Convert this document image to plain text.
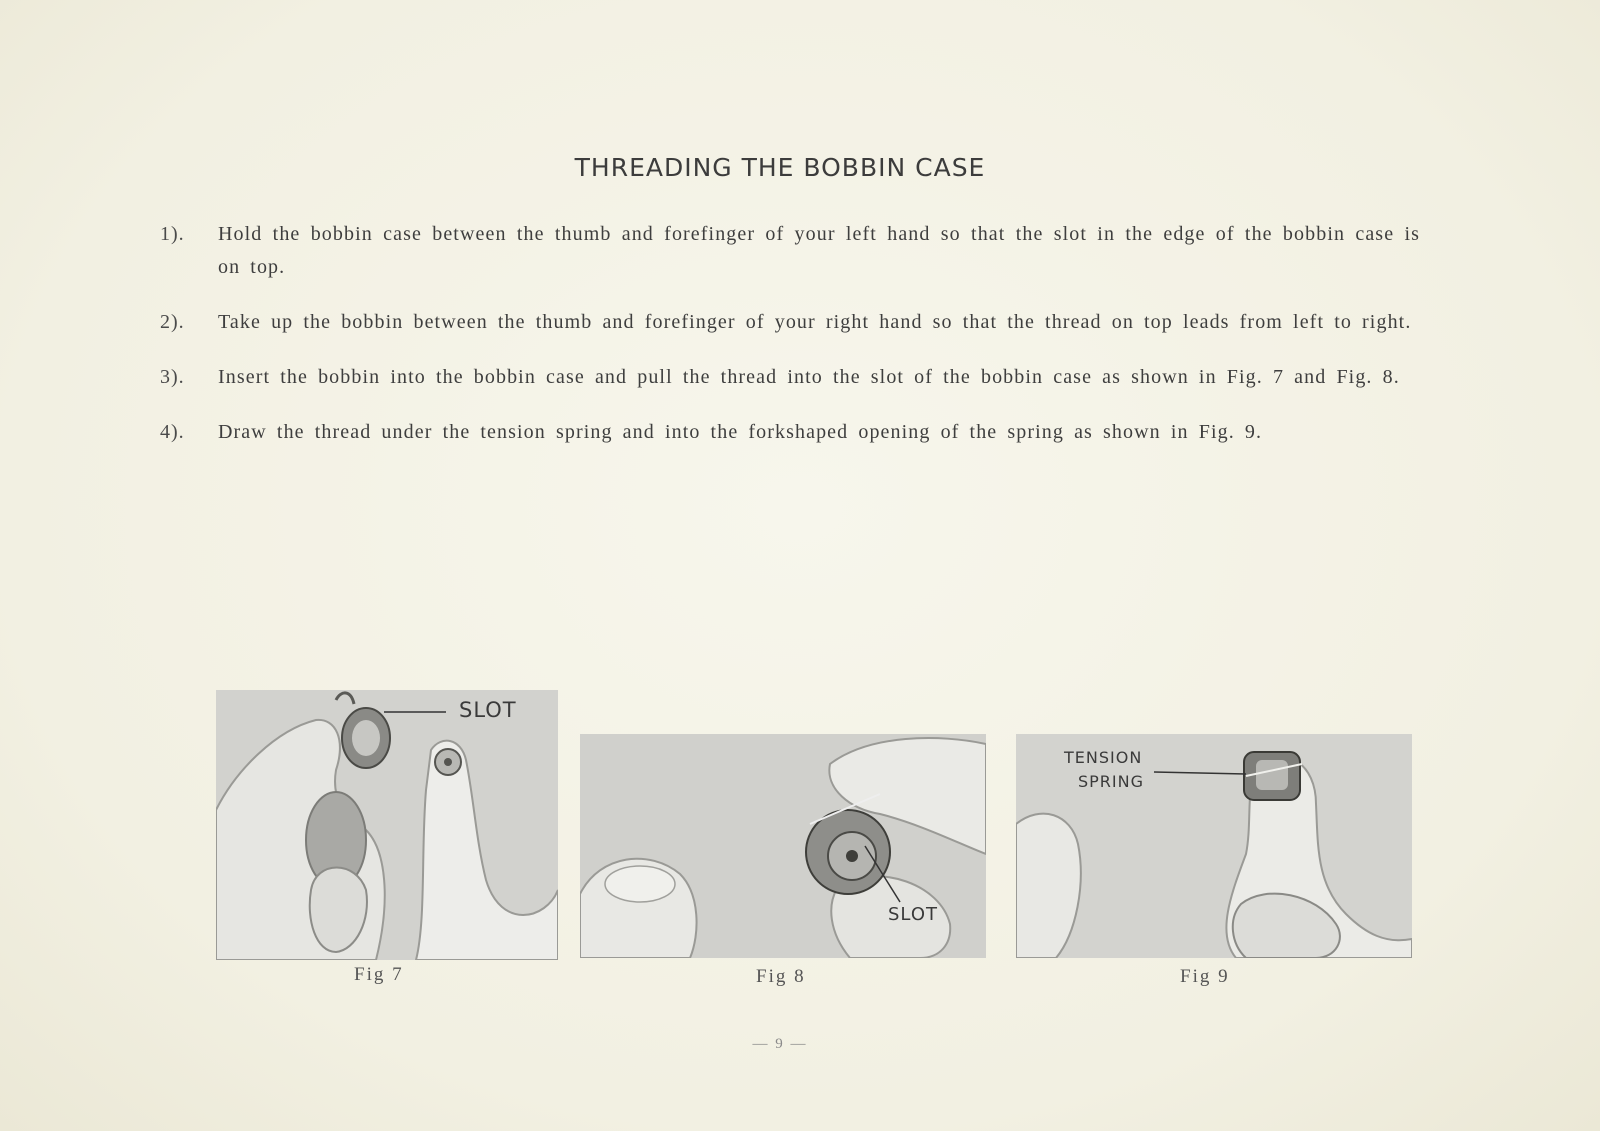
THREADING THE BOBBIN CASE
1).	Hold the bobbin case between the thumb and forefinger of your left hand so that the slot in the edge of the bobbin case is on top.
2).	Take up the bobbin between the thumb and forefinger of your right hand so that the thread on top leads from left to right.
3).	Insert the bobbin into the bobbin case and pull the thread into the slot of the bobbin case as shown in Fig. 7 and Fig. 8.
4).	Draw the thread under the tension spring and into the forkshaped opening of the spring as shown in Fig. 9.
SLOT
Fig 7
SLOT
Fig 8
TENSION
SPRING
Fig 9
— 9 —
